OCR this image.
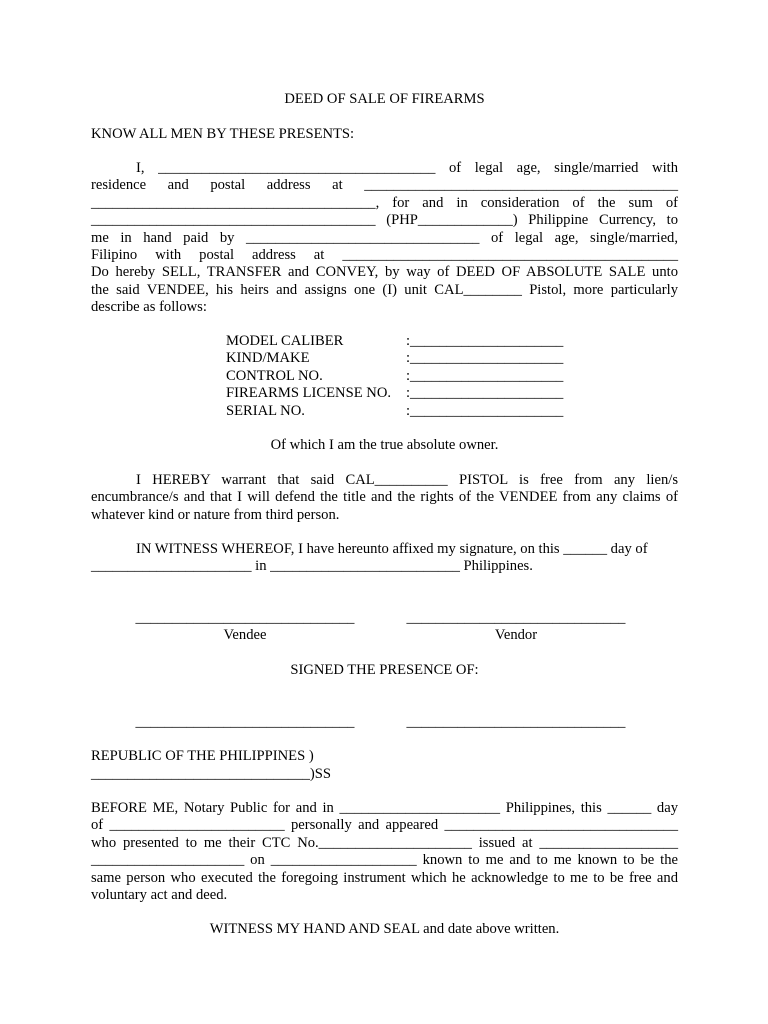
DEED OF SALE OF FIREARMS
KNOW ALL MEN BY THESE PRESENTS:
I, ______________________________________ of legal age, single/married with
residence and postal address at ___________________________________________
_______________________________________, for and in consideration of the sum of
_______________________________________ (PHP_____________) Philippine Currency, to
me in hand paid by ________________________________ of legal age, single/married,
Filipino with postal address at ______________________________________________
Do hereby SELL, TRANSFER and CONVEY, by way of DEED OF ABSOLUTE SALE unto
the said VENDEE, his heirs and assigns one (I) unit CAL________ Pistol, more particularly
describe as follows:
MODEL CALIBER	:_____________________
KIND/MAKE	:_____________________
CONTROL NO.	:_____________________
FIREARMS LICENSE NO.	:_____________________
SERIAL NO.	:_____________________
Of which I am the true absolute owner.
I HEREBY warrant that said CAL__________ PISTOL is free from any lien/s
encumbrance/s and that I will defend the title and the rights of the VENDEE from any claims of
whatever kind or nature from third person.
IN WITNESS WHEREOF, I have hereunto affixed my signature, on this ______ day of
______________________ in __________________________ Philippines.
______________________________
Vendee
______________________________
Vendor
SIGNED THE PRESENCE OF:
______________________________	______________________________
REPUBLIC OF THE PHILIPPINES )
______________________________)SS
BEFORE ME, Notary Public for and in ______________________ Philippines, this ______ day
of ________________________ personally and appeared ________________________________
who presented to me their CTC No._____________________ issued at ___________________
_____________________ on ____________________ known to me and to me known to be the
same person who executed the foregoing instrument which he acknowledge to me to be free and
voluntary act and deed.
WITNESS MY HAND AND SEAL and date above written.
